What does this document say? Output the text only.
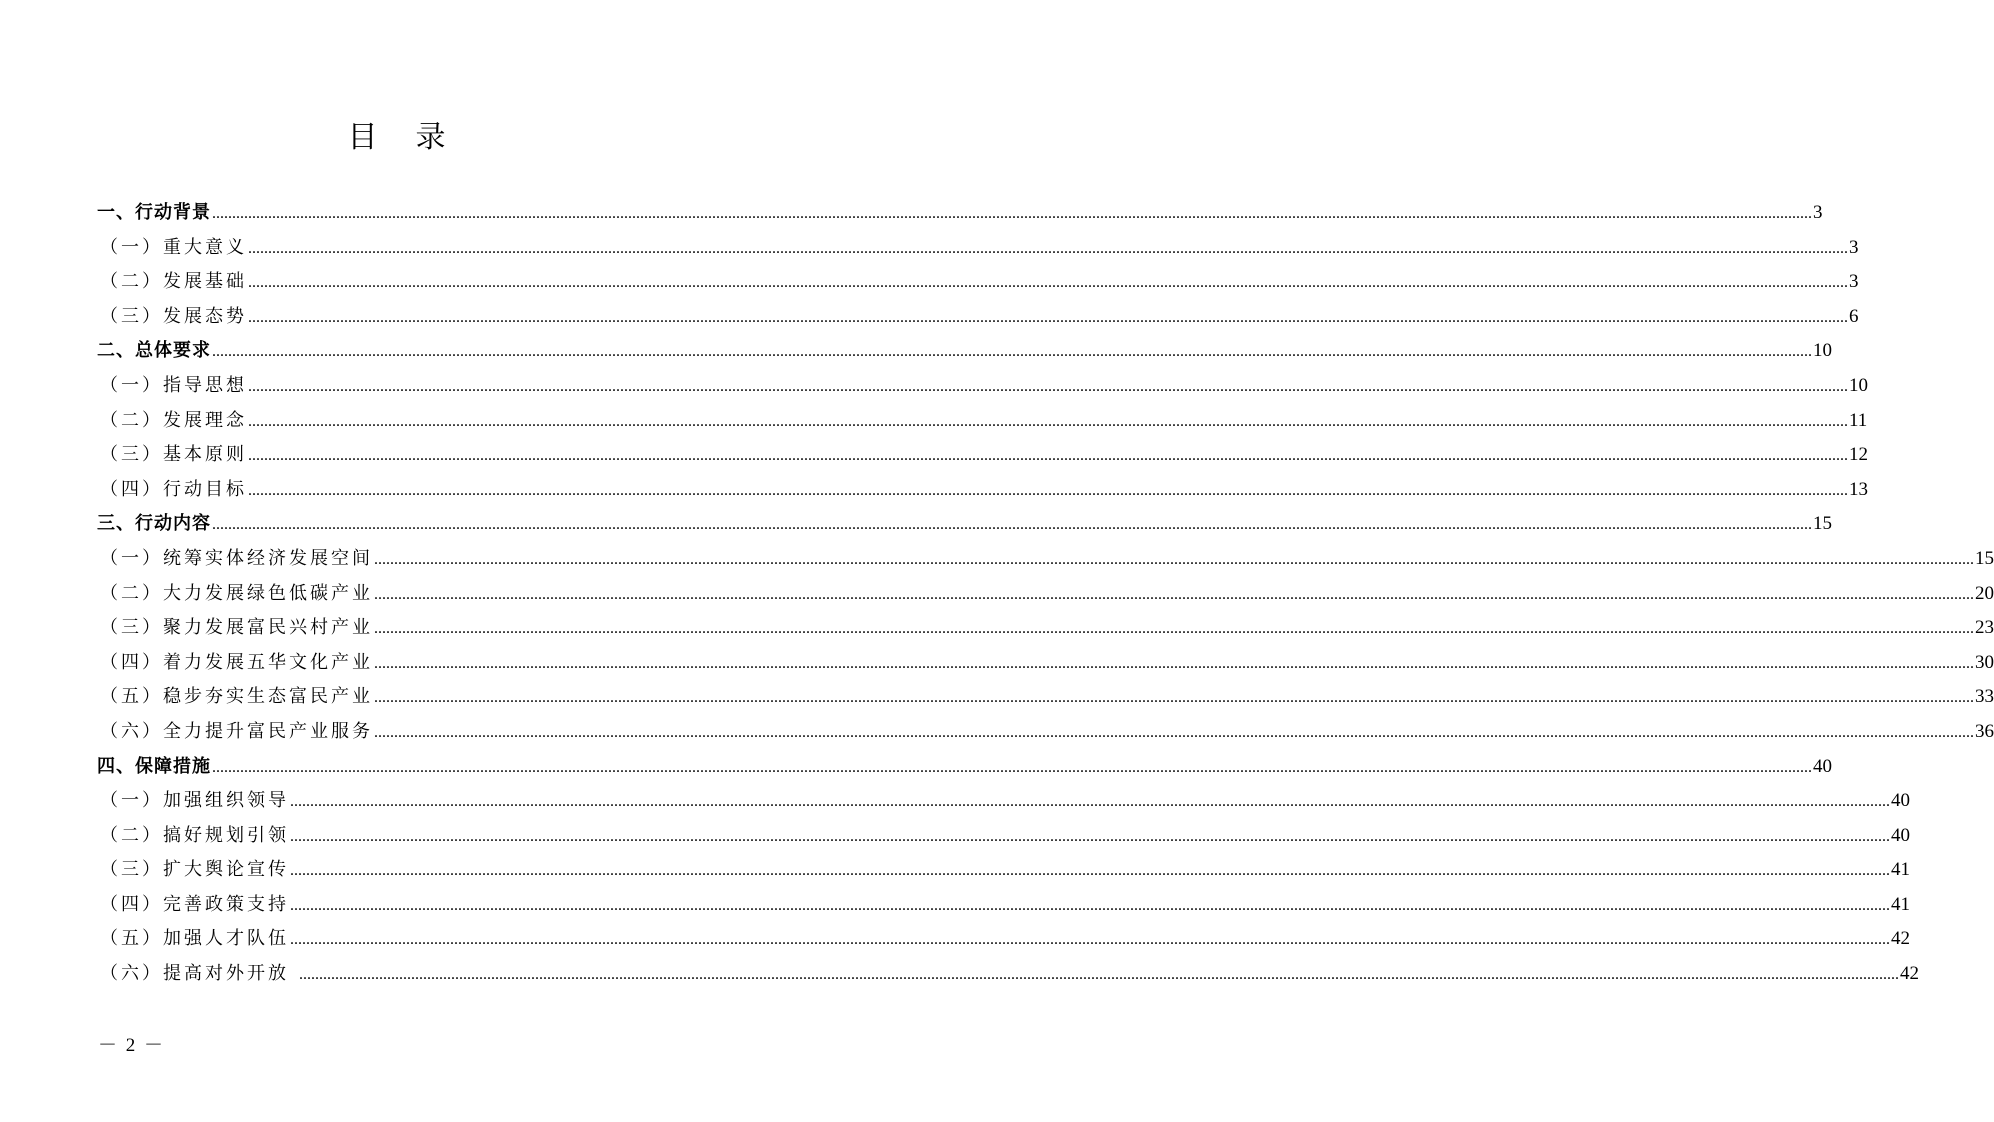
目 录
一、行动背景 ................................................................................................................................................................................................................................................................................................................................................................................................................ 3
（一）重大意义 ................................................................................................................................................................................................................................................................................................................................................................................................................ 3
（二）发展基础 ................................................................................................................................................................................................................................................................................................................................................................................................................ 3
（三）发展态势 ................................................................................................................................................................................................................................................................................................................................................................................................................ 6
二、总体要求 ................................................................................................................................................................................................................................................................................................................................................................................................................ 10
（一）指导思想 ................................................................................................................................................................................................................................................................................................................................................................................................................ 10
（二）发展理念 ................................................................................................................................................................................................................................................................................................................................................................................................................ 11
（三）基本原则 ................................................................................................................................................................................................................................................................................................................................................................................................................ 12
（四）行动目标 ................................................................................................................................................................................................................................................................................................................................................................................................................ 13
三、行动内容 ................................................................................................................................................................................................................................................................................................................................................................................................................ 15
（一）统筹实体经济发展空间 ................................................................................................................................................................................................................................................................................................................................................................................................................ 15
（二）大力发展绿色低碳产业 ................................................................................................................................................................................................................................................................................................................................................................................................................ 20
（三）聚力发展富民兴村产业 ................................................................................................................................................................................................................................................................................................................................................................................................................ 23
（四）着力发展五华文化产业 ................................................................................................................................................................................................................................................................................................................................................................................................................ 30
（五）稳步夯实生态富民产业 ................................................................................................................................................................................................................................................................................................................................................................................................................ 33
（六）全力提升富民产业服务 ................................................................................................................................................................................................................................................................................................................................................................................................................ 36
四、保障措施 ................................................................................................................................................................................................................................................................................................................................................................................................................ 40
（一）加强组织领导 ................................................................................................................................................................................................................................................................................................................................................................................................................ 40
（二）搞好规划引领 ................................................................................................................................................................................................................................................................................................................................................................................................................ 40
（三）扩大舆论宣传 ................................................................................................................................................................................................................................................................................................................................................................................................................ 41
（四）完善政策支持 ................................................................................................................................................................................................................................................................................................................................................................................................................ 41
（五）加强人才队伍 ................................................................................................................................................................................................................................................................................................................................................................................................................ 42
（六）提高对外开放 ................................................................................................................................................................................................................................................................................................................................................................................................................ 42
－ 2 －
